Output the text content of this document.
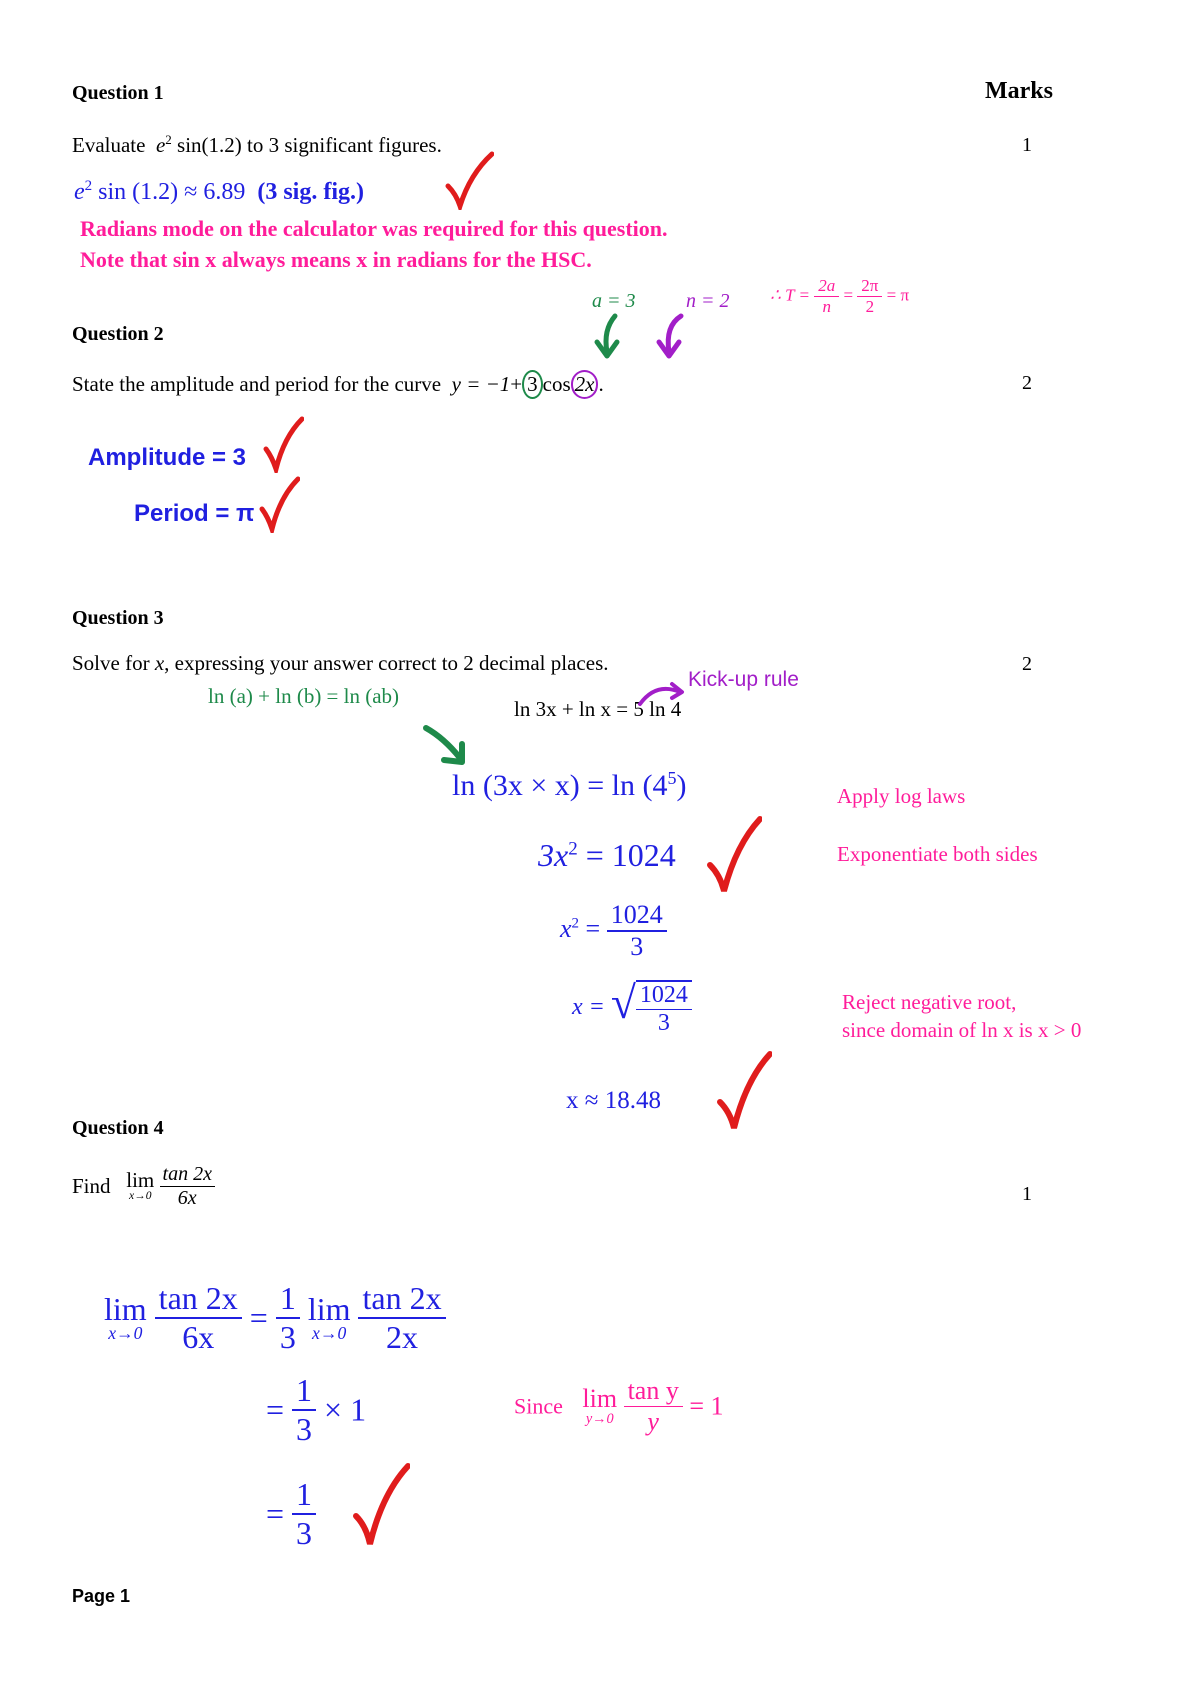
Marks
Question 1
Evaluate $e^2$ sin(1.2) to 3 significant figures.	1
$e^2$ sin (1.2) ≈ 6.89 (3 sig. fig.)
Radians mode on the calculator was required for this question.
Note that sin x always means x in radians for the HSC.
a = 3	n = 2 ∴ $T = \frac{2a}{n} = \frac{2\pi}{2} = \pi$
Question 2
State the amplitude and period for the curve y = −1+ 3 cos 2x .	2
Amplitude = 3
Period = π
Question 3
Solve for x, expressing your answer correct to 2 decimal places.	2
ln (a) + ln (b) = ln (ab)
ln 3x + ln x = 5 ln 4
Kick-up rule
$\ln (3x \times x) = \ln (4^5)$	Apply log laws
$3x^2 = 1024$	Exponentiate both sides
$x^2 = \frac{1024}{3}$
x = √ $\frac{1024}{3}$	Reject negative root,
since domain of ln x is x > 0
x ≈ 18.48
Question 4
Find lim
x→0
$\frac{\tan 2x}{6x}$	1
lim
x→0
$\frac{\tan 2x}{6x} = \frac{1}{3}$ lim
x→0
$\frac{\tan 2x}{2x}$
= $\frac{1}{3} \times 1$	Since lim
y→0
$\frac{\text{tan y}}{y} = 1$
= $\frac{1}{3}$
Page 1
